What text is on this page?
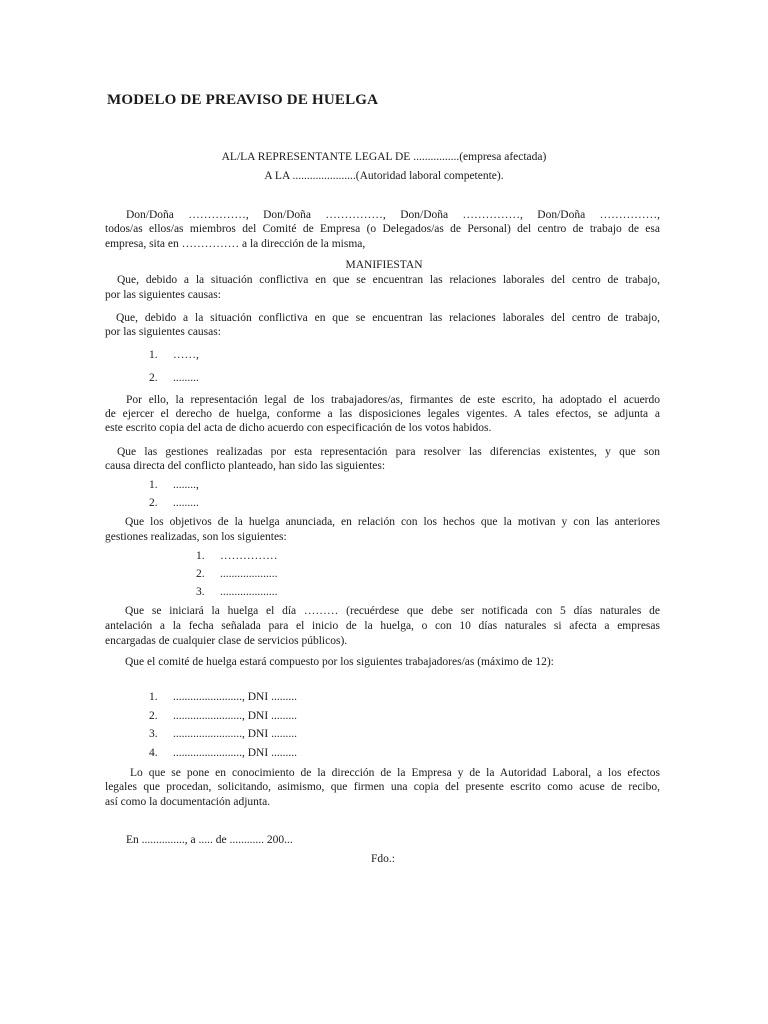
MODELO DE PREAVISO DE HUELGA
AL/LA REPRESENTANTE LEGAL DE ................(empresa afectada)
A LA ......................(Autoridad laboral competente).
Don/Doña ……………, Don/Doña ……………, Don/Doña ……………, Don/Doña ……………,
todos/as ellos/as miembros del Comité de Empresa (o Delegados/as de Personal) del centro de trabajo de esa
empresa, sita en …………… a la dirección de la misma,
MANIFIESTAN
Que, debido a la situación conflictiva en que se encuentran las relaciones laborales del centro de trabajo,
por las siguientes causas:
Que, debido a la situación conflictiva en que se encuentran las relaciones laborales del centro de trabajo,
por las siguientes causas:
1. ……,
2. .........
Por ello, la representación legal de los trabajadores/as, firmantes de este escrito, ha adoptado el acuerdo
de ejercer el derecho de huelga, conforme a las disposiciones legales vigentes. A tales efectos, se adjunta a
este escrito copia del acta de dicho acuerdo con especificación de los votos habidos.
Que las gestiones realizadas por esta representación para resolver las diferencias existentes, y que son
causa directa del conflicto planteado, han sido las siguientes:
1. ........,
2. .........
Que los objetivos de la huelga anunciada, en relación con los hechos que la motivan y con las anteriores
gestiones realizadas, son los siguientes:
1. ……………
2. ....................
3. ....................
Que se iniciará la huelga el día ……… (recuérdese que debe ser notificada con 5 días naturales de
antelación a la fecha señalada para el inicio de la huelga, o con 10 días naturales si afecta a empresas
encargadas de cualquier clase de servicios públicos).
Que el comité de huelga estará compuesto por los siguientes trabajadores/as (máximo de 12):
1. ........................, DNI .........
2. ........................, DNI .........
3. ........................, DNI .........
4. ........................, DNI .........
Lo que se pone en conocimiento de la dirección de la Empresa y de la Autoridad Laboral, a los efectos
legales que procedan, solicitando, asimismo, que firmen una copia del presente escrito como acuse de recibo,
así como la documentación adjunta.
En ..............., a ..... de ............ 200...
Fdo.:
